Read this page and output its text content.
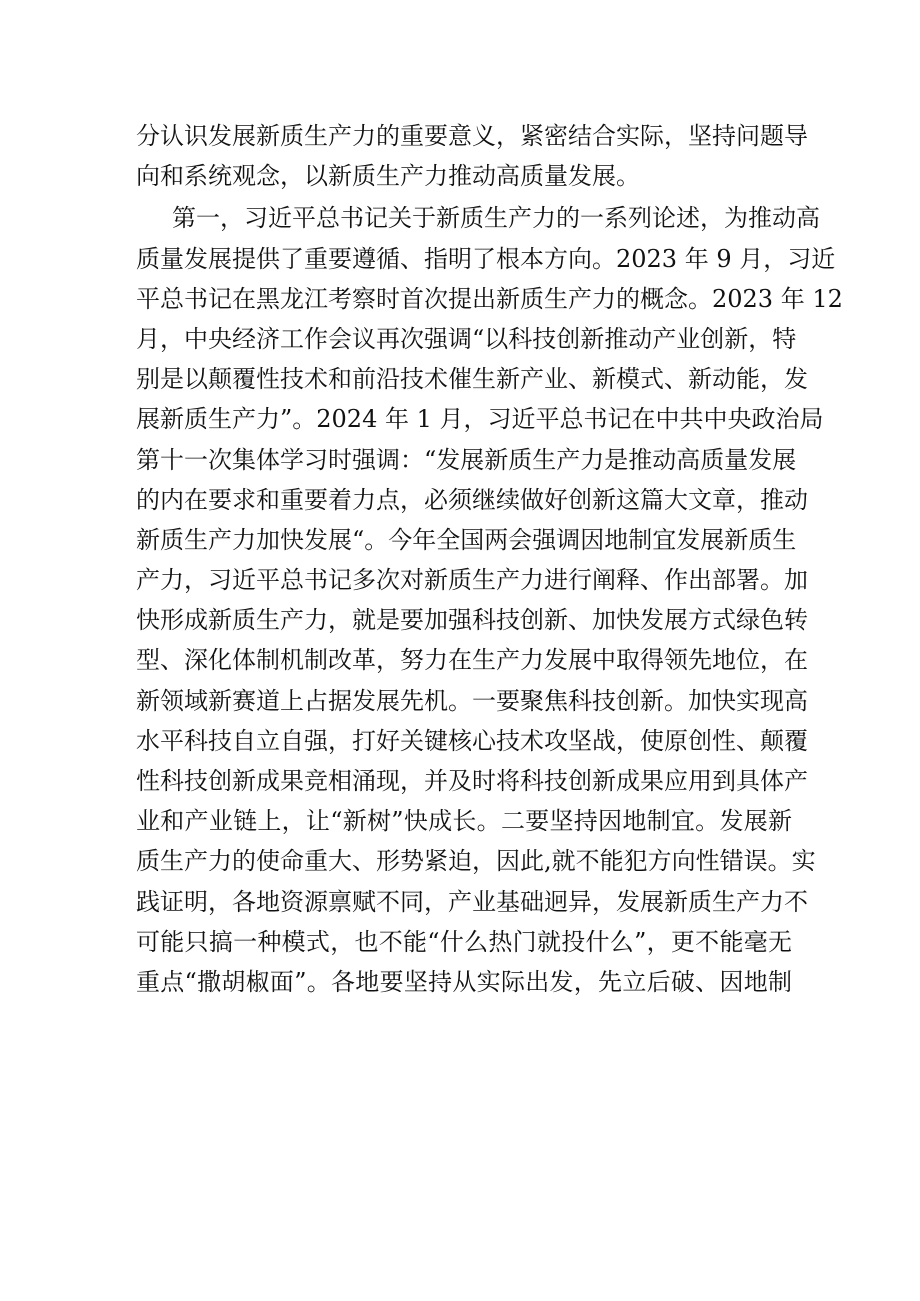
分认识发展新质生产力的重要意义，紧密结合实际，坚持问题导
向和系统观念，以新质生产力推动高质量发展。
第一，习近平总书记关于新质生产力的一系列论述，为推动高
质量发展提供了重要遵循、指明了根本方向。2023 年 9 月，习近
平总书记在黑龙江考察时首次提出新质生产力的概念。2023 年 12
月，中央经济工作会议再次强调“以科技创新推动产业创新，特
别是以颠覆性技术和前沿技术催生新产业、新模式、新动能，发
展新质生产力”。2024 年 1 月，习近平总书记在中共中央政治局
第十一次集体学习时强调：“发展新质生产力是推动高质量发展
的内在要求和重要着力点，必须继续做好创新这篇大文章，推动
新质生产力加快发展“。今年全国两会强调因地制宜发展新质生
产力，习近平总书记多次对新质生产力进行阐释、作出部署。加
快形成新质生产力，就是要加强科技创新、加快发展方式绿色转
型、深化体制机制改革，努力在生产力发展中取得领先地位，在
新领域新赛道上占据发展先机。一要聚焦科技创新。加快实现高
水平科技自立自强，打好关键核心技术攻坚战，使原创性、颠覆
性科技创新成果竞相涌现，并及时将科技创新成果应用到具体产
业和产业链上，让“新树”快成长。二要坚持因地制宜。发展新
质生产力的使命重大、形势紧迫，因此,就不能犯方向性错误。实
践证明，各地资源禀赋不同，产业基础迥异，发展新质生产力不
可能只搞一种模式，也不能“什么热门就投什么”，更不能毫无
重点“撒胡椒面”。各地要坚持从实际出发，先立后破、因地制
